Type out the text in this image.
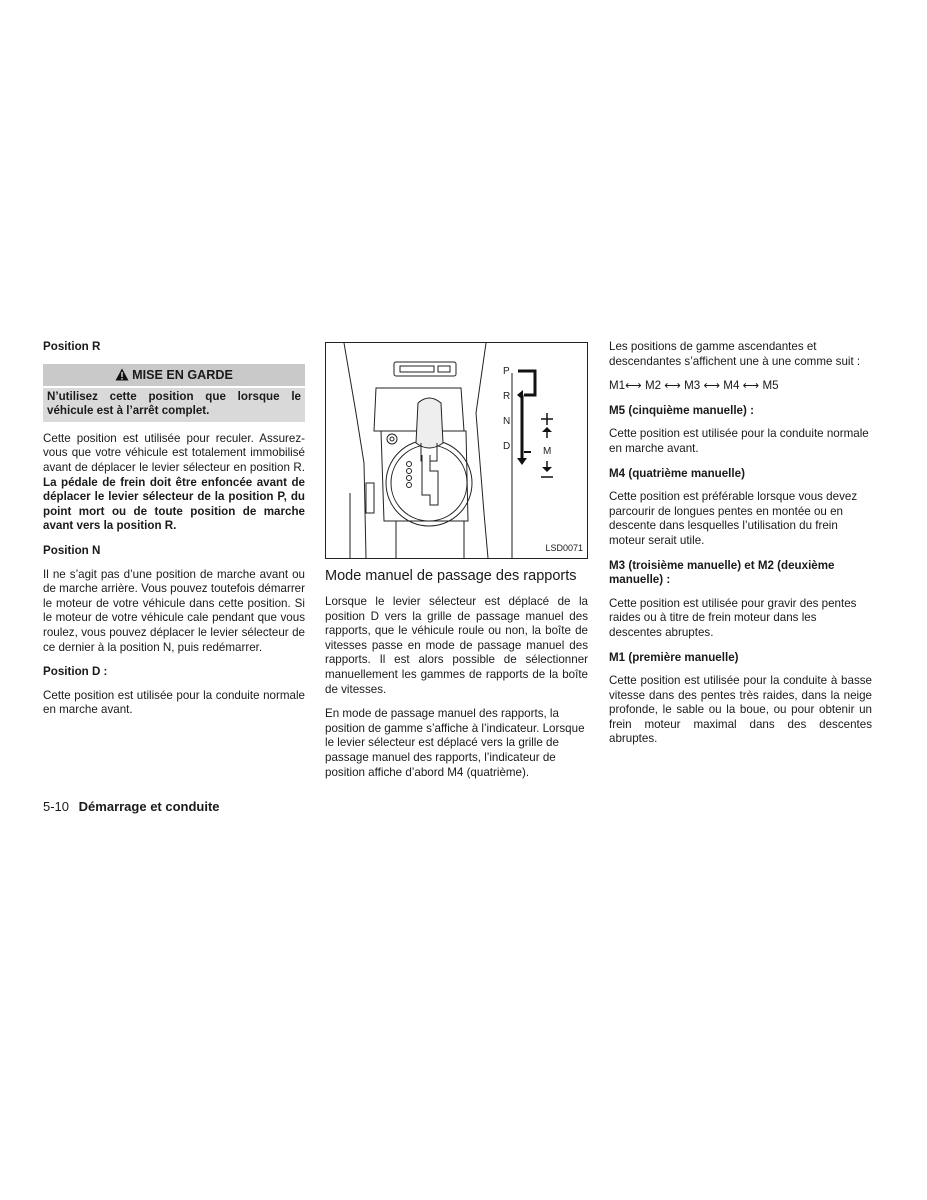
Position R
MISE EN GARDE
N’utilisez cette position que lorsque le véhicule est à l’arrêt complet.

Cette position est utilisée pour reculer. Assurez-vous que votre véhicule est totalement immobilisé avant de déplacer le levier sélecteur en position R. La pédale de frein doit être enfoncée avant de déplacer le levier sélecteur de la position P, du point mort ou de toute position de marche avant vers la position R.

Position N

Il ne s’agit pas d’une position de marche avant ou de marche arrière. Vous pouvez toutefois démarrer le moteur de votre véhicule dans cette position. Si le moteur de votre véhicule cale pendant que vous roulez, vous pouvez déplacer le levier sélecteur de ce dernier à la position N, puis redémarrer.

Position D :

Cette position est utilisée pour la conduite normale en marche avant.

P
R
N
D	M
LSD0071
Mode manuel de passage des rapports

Lorsque le levier sélecteur est déplacé de la position D vers la grille de passage manuel des rapports, que le véhicule roule ou non, la boîte de vitesses passe en mode de passage manuel des rapports. Il est alors possible de sélectionner manuellement les gammes de rapports de la boîte de vitesses.

En mode de passage manuel des rapports, la position de gamme s’affiche à l’indicateur. Lorsque le levier sélecteur est déplacé vers la grille de passage manuel des rapports, l’indicateur de position affiche d’abord M4 (quatrième).

Les positions de gamme ascendantes et descendantes s’affichent une à une comme suit :

M1⟷ M2 ⟷ M3 ⟷ M4 ⟷ M5
M5 (cinquième manuelle) :

Cette position est utilisée pour la conduite normale en marche avant.

M4 (quatrième manuelle)

Cette position est préférable lorsque vous devez parcourir de longues pentes en montée ou en descente dans lesquelles l’utilisation du frein moteur serait utile.

M3 (troisième manuelle) et M2 (deuxième manuelle) :

Cette position est utilisée pour gravir des pentes raides ou à titre de frein moteur dans les descentes abruptes.

M1 (première manuelle)

Cette position est utilisée pour la conduite à basse vitesse dans des pentes très raides, dans la neige profonde, le sable ou la boue, ou pour obtenir un frein moteur maximal dans des descentes abruptes.

5-10 Démarrage et conduite
